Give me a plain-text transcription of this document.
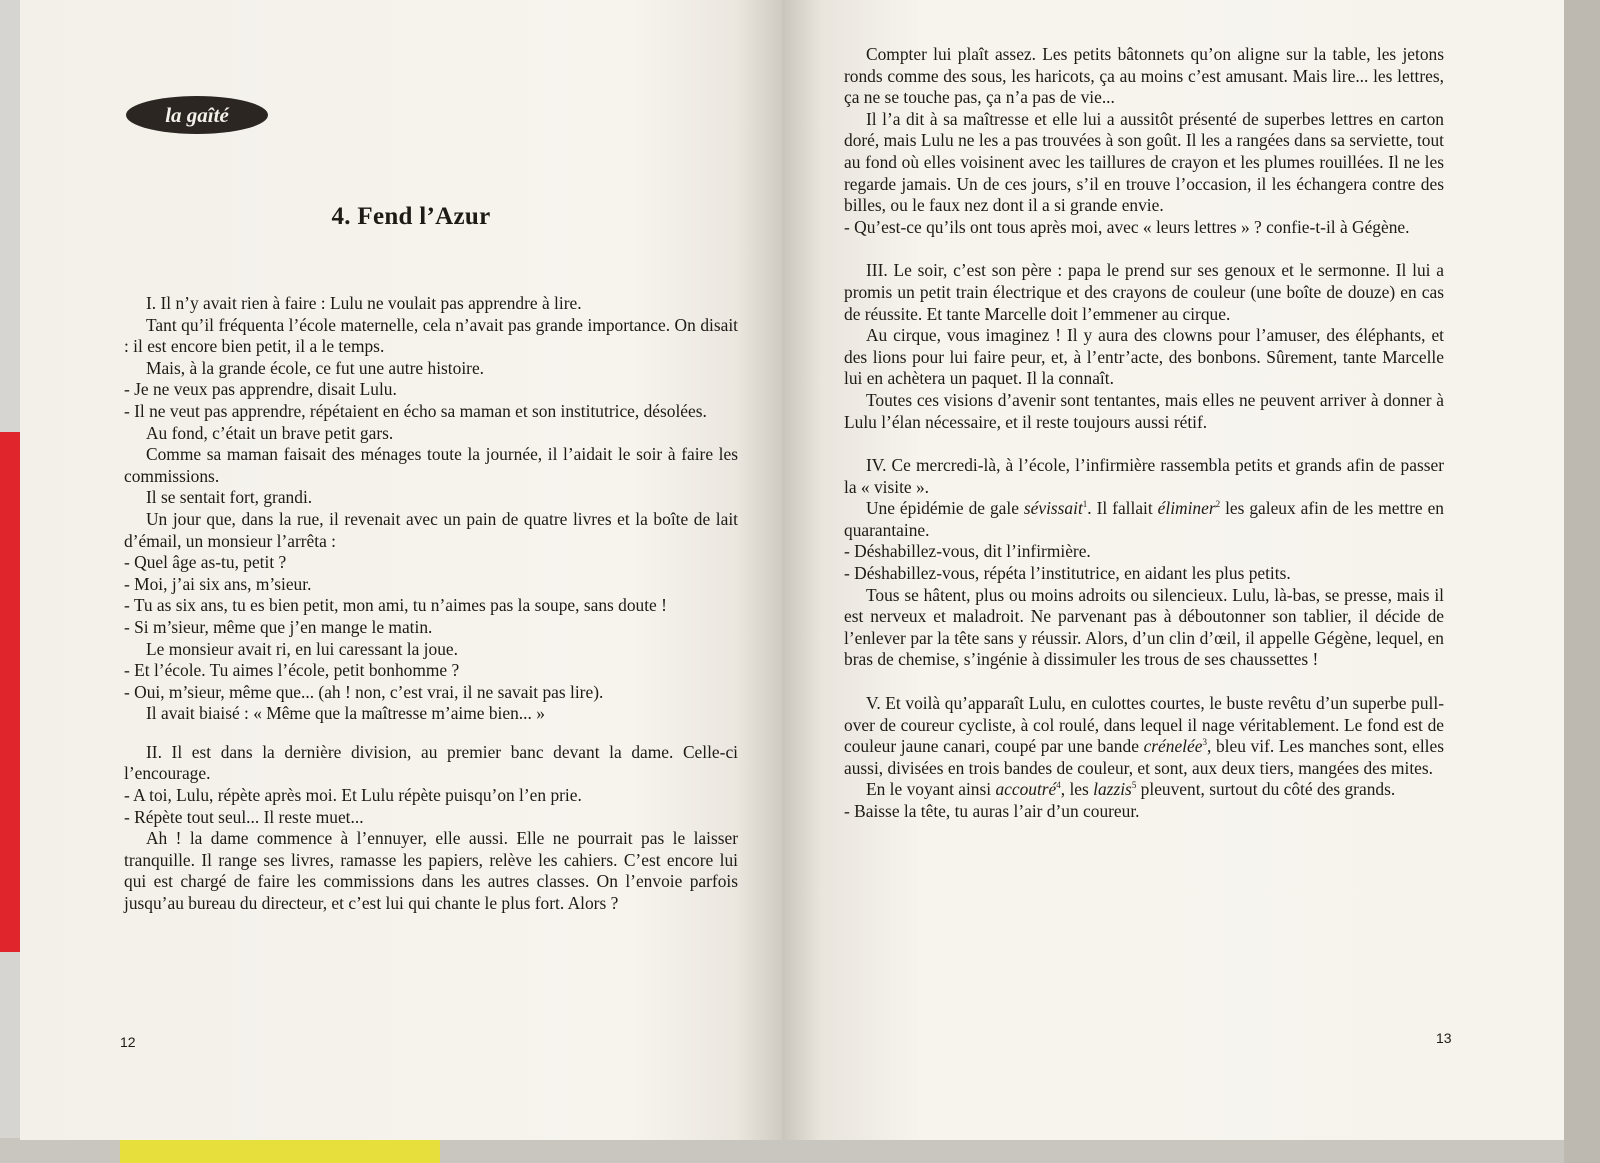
la gaîté
4. Fend l’Azur

I. Il n’y avait rien à faire : Lulu ne voulait pas apprendre à lire.

Tant qu’il fréquenta l’école maternelle, cela n’avait pas grande importance. On disait : il est encore bien petit, il a le temps.

Mais, à la grande école, ce fut une autre histoire.

- Je ne veux pas apprendre, disait Lulu.

- Il ne veut pas apprendre, répétaient en écho sa maman et son institutrice, désolées.

Au fond, c’était un brave petit gars.

Comme sa maman faisait des ménages toute la journée, il l’aidait le soir à faire les commissions.

Il se sentait fort, grandi.

Un jour que, dans la rue, il revenait avec un pain de quatre livres et la boîte de lait d’émail, un monsieur l’arrêta :

- Quel âge as-tu, petit ?

- Moi, j’ai six ans, m’sieur.

- Tu as six ans, tu es bien petit, mon ami, tu n’aimes pas la soupe, sans doute !

- Si m’sieur, même que j’en mange le matin.

Le monsieur avait ri, en lui caressant la joue.

- Et l’école. Tu aimes l’école, petit bonhomme ?

- Oui, m’sieur, même que... (ah ! non, c’est vrai, il ne savait pas lire).

Il avait biaisé : « Même que la maîtresse m’aime bien... »

II. Il est dans la dernière division, au premier banc devant la dame. Celle-ci l’encourage.

- A toi, Lulu, répète après moi. Et Lulu répète puisqu’on l’en prie.

- Répète tout seul... Il reste muet...

Ah ! la dame commence à l’ennuyer, elle aussi. Elle ne pourrait pas le laisser tranquille. Il range ses livres, ramasse les papiers, relève les cahiers. C’est encore lui qui est chargé de faire les commissions dans les autres classes. On l’envoie parfois jusqu’au bureau du directeur, et c’est lui qui chante le plus fort. Alors ?

12

Compter lui plaît assez. Les petits bâtonnets qu’on aligne sur la table, les jetons ronds comme des sous, les haricots, ça au moins c’est amusant. Mais lire... les lettres, ça ne se touche pas, ça n’a pas de vie...

Il l’a dit à sa maîtresse et elle lui a aussitôt présenté de superbes lettres en carton doré, mais Lulu ne les a pas trouvées à son goût. Il les a rangées dans sa serviette, tout au fond où elles voisinent avec les taillures de crayon et les plumes rouillées. Il ne les regarde jamais. Un de ces jours, s’il en trouve l’occasion, il les échangera contre des billes, ou le faux nez dont il a si grande envie.

- Qu’est-ce qu’ils ont tous après moi, avec « leurs lettres » ? confie-t-il à Gégène.

III. Le soir, c’est son père : papa le prend sur ses genoux et le sermonne. Il lui a promis un petit train électrique et des crayons de couleur (une boîte de douze) en cas de réussite. Et tante Marcelle doit l’emmener au cirque.

Au cirque, vous imaginez ! Il y aura des clowns pour l’amuser, des éléphants, et des lions pour lui faire peur, et, à l’entr’acte, des bonbons. Sûrement, tante Marcelle lui en achètera un paquet. Il la connaît.

Toutes ces visions d’avenir sont tentantes, mais elles ne peuvent arriver à donner à Lulu l’élan nécessaire, et il reste toujours aussi rétif.

IV. Ce mercredi-là, à l’école, l’infirmière rassembla petits et grands afin de passer la « visite ».

Une épidémie de gale sévissait$^1$. Il fallait éliminer$^2$ les galeux afin de les mettre en quarantaine.

- Déshabillez-vous, dit l’infirmière.

- Déshabillez-vous, répéta l’institutrice, en aidant les plus petits.

Tous se hâtent, plus ou moins adroits ou silencieux. Lulu, là-bas, se presse, mais il est nerveux et maladroit. Ne parvenant pas à déboutonner son tablier, il décide de l’enlever par la tête sans y réussir. Alors, d’un clin d’œil, il appelle Gégène, lequel, en bras de chemise, s’ingénie à dissimuler les trous de ses chaussettes !

V. Et voilà qu’apparaît Lulu, en culottes courtes, le buste revêtu d’un superbe pull-over de coureur cycliste, à col roulé, dans lequel il nage véritablement. Le fond est de couleur jaune canari, coupé par une bande crénelée$^3$, bleu vif. Les manches sont, elles aussi, divisées en trois bandes de couleur, et sont, aux deux tiers, mangées des mites.

En le voyant ainsi accoutré$^4$, les lazzis$^5$ pleuvent, surtout du côté des grands.

- Baisse la tête, tu auras l’air d’un coureur.

13
